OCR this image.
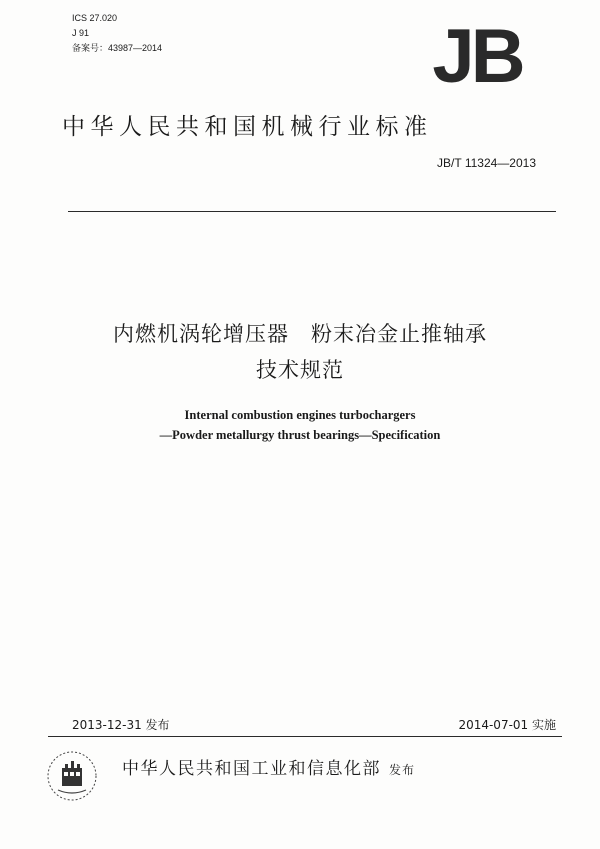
ICS 27.020
J 91
备案号：43987—2014	JB
中华人民共和国机械行业标准
JB/T 11324—2013
内燃机涡轮增压器　粉末冶金止推轴承
技术规范
Internal combustion engines turbochargers
—Powder metallurgy thrust bearings—Specification
2013-12-31 发布	2014-07-01 实施
中华人民共和国工业和信息化部 发布
